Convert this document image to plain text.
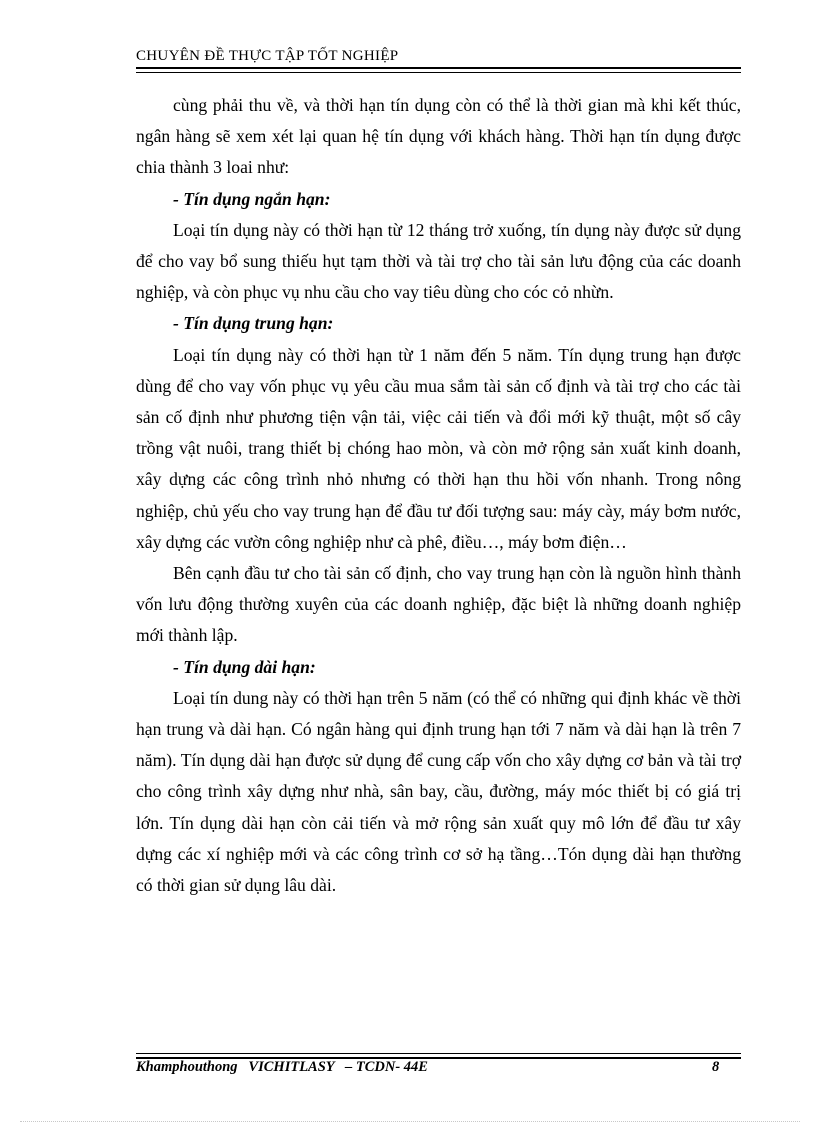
CHUYÊN ĐỀ THỰC TẬP TỐT NGHIỆP

cùng phải thu về, và thời hạn tín dụng còn có thể là thời gian mà khi kết thúc, ngân hàng sẽ xem xét lại quan hệ tín dụng với khách hàng. Thời hạn tín dụng được chia thành 3 loai như:

- Tín dụng ngắn hạn:

Loại tín dụng này có thời hạn từ 12 tháng trở xuống, tín dụng này được sử dụng để cho vay bổ sung thiếu hụt tạm thời và tài trợ cho tài sản lưu động của các doanh nghiệp, và còn phục vụ nhu cầu cho vay tiêu dùng cho cóc cỏ nhừn.

- Tín dụng trung hạn:

Loại tín dụng này có thời hạn từ 1 năm đến 5 năm. Tín dụng trung hạn được dùng để cho vay vốn phục vụ yêu cầu mua sắm tài sản cố định và tài trợ cho các tài sản cố định như phương tiện vận tải, việc cải tiến và đổi mới kỹ thuật, một số cây trồng vật nuôi, trang thiết bị chóng hao mòn, và còn mở rộng sản xuất kinh doanh, xây dựng các công trình nhỏ nhưng có thời hạn thu hồi vốn nhanh. Trong nông nghiệp, chủ yếu cho vay trung hạn để đầu tư đối tượng sau: máy cày, máy bơm nước, xây dựng các vườn công nghiệp như cà phê, điều…, máy bơm điện…

Bên cạnh đầu tư cho tài sản cố định, cho vay trung hạn còn là nguồn hình thành vốn lưu động thường xuyên của các doanh nghiệp, đặc biệt là những doanh nghiệp mới thành lập.

- Tín dụng dài hạn:

Loại tín dung này có thời hạn trên 5 năm (có thể có những qui định khác về thời hạn trung và dài hạn. Có ngân hàng qui định trung hạn tới 7 năm và dài hạn là trên 7 năm). Tín dụng dài hạn được sử dụng để cung cấp vốn cho xây dựng cơ bản và tài trợ cho công trình xây dựng như nhà, sân bay, cầu, đường, máy móc thiết bị có giá trị lớn. Tín dụng dài hạn còn cải tiến và mở rộng sản xuất quy mô lớn để đầu tư xây dựng các xí nghiệp mới và các công trình cơ sở hạ tầng…Tón dụng dài hạn thường có thời gian sử dụng lâu dài.

Khamphouthong   VICHITLASY   – TCDN- 44E	8
